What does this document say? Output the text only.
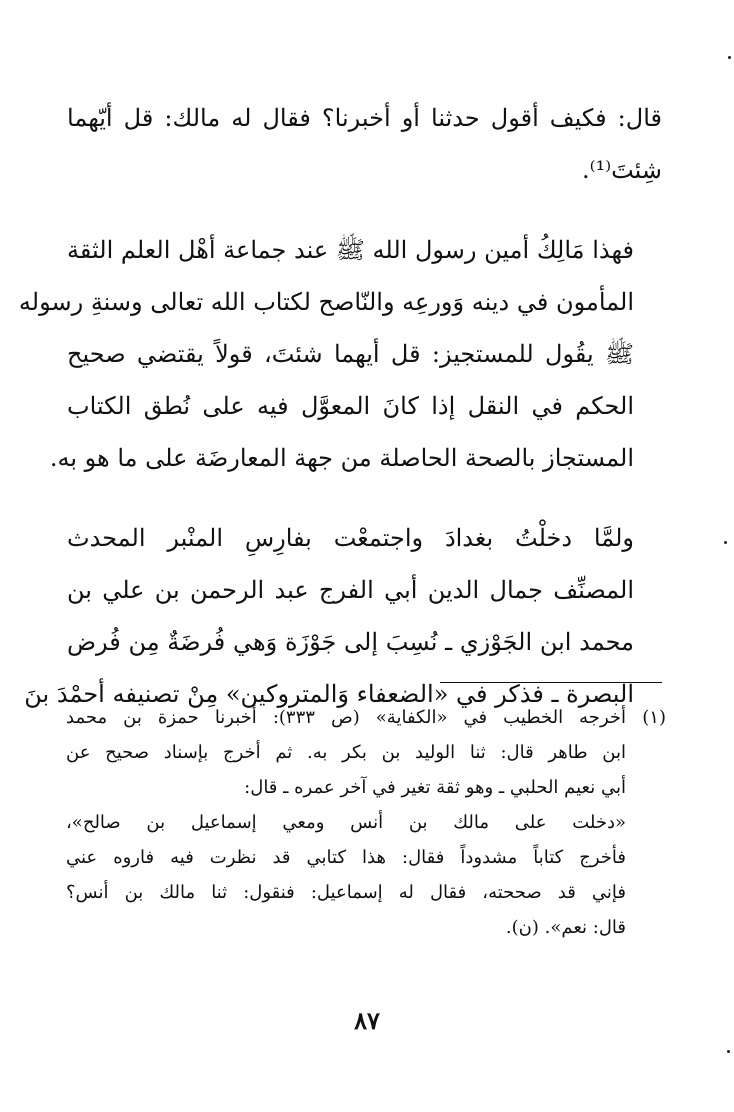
قال: فكيف أقول حدثنا أو أخبرنا؟ فقال له مالك: قل أيّهما
شِئتَ⁽¹⁾.

فهذا مَالِكُ أمين رسول الله ﷺ عند جماعة أهْل العلم الثقة
المأمون في دينه وَورعِه والنّاصح لكتاب الله تعالى وسنةِ رسوله
ﷺ يقُول للمستجيز: قل أيهما شئتَ، قولاً يقتضي صحيح
الحكم في النقل إذا كانَ المعوَّل فيه على نُطق الكتاب
المستجاز بالصحة الحاصلة من جهة المعارضَة على ما هو به.

ولمَّا دخلْتُ بغدادَ واجتمعْت بفارِسِ المنْبر المحدث
المصنِّف جمال الدين أبي الفرج عبد الرحمن بن علي بن
محمد ابن الجَوْزي ـ نُسِبَ إلى جَوْزَة وَهي فُرضَةٌ مِن فُرض
البصرة ـ فذكر في «الضعفاء وَالمتروكين» مِنْ تصنيفه أحمْدَ بنَ

(١)
أخرجه الخطيب في «الكفاية» (ص ٣٣٣): أخبرنا حمزة بن محمد
ابن طاهر قال: ثنا الوليد بن بكر به. ثم أخرج بإسناد صحيح عن
أبي نعيم الحلبي ـ وهو ثقة تغير في آخر عمره ـ قال:
«دخلت على مالك بن أنس ومعي إسماعيل بن صالح»،
فأخرج كتاباً مشدوداً فقال: هذا كتابي قد نظرت فيه فاروه عني
فإني قد صححته، فقال له إسماعيل: فنقول: ثنا مالك بن أنس؟
قال: نعم». (ن).
٨٧
